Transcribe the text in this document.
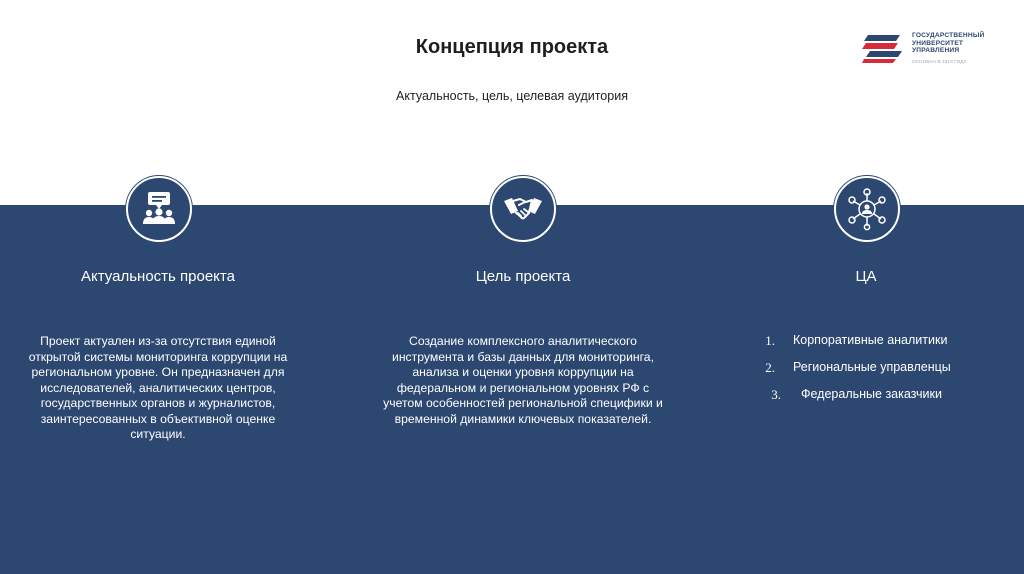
Концепция проекта
Актуальность, цель, целевая аудитория
ГОСУДАРСТВЕННЫЙ
УНИВЕРСИТЕТ
УПРАВЛЕНИЯ
ОСНОВАН В 1919 ГОДУ
Актуальность проекта
Проект актуален из-за отсутствия единой открытой системы мониторинга коррупции на региональном уровне. Он предназначен для исследователей, аналитических центров, государственных органов и журналистов, заинтересованных в объективной оценке ситуации.
Цель проекта
Создание комплексного аналитического инструмента и базы данных для мониторинга, анализа и оценки уровня коррупции на федеральном и региональном уровнях РФ с учетом особенностей региональной специфики и временной динамики ключевых показателей.
ЦА
1. Корпоративные аналитики
2. Региональные управленцы
3. Федеральные заказчики
